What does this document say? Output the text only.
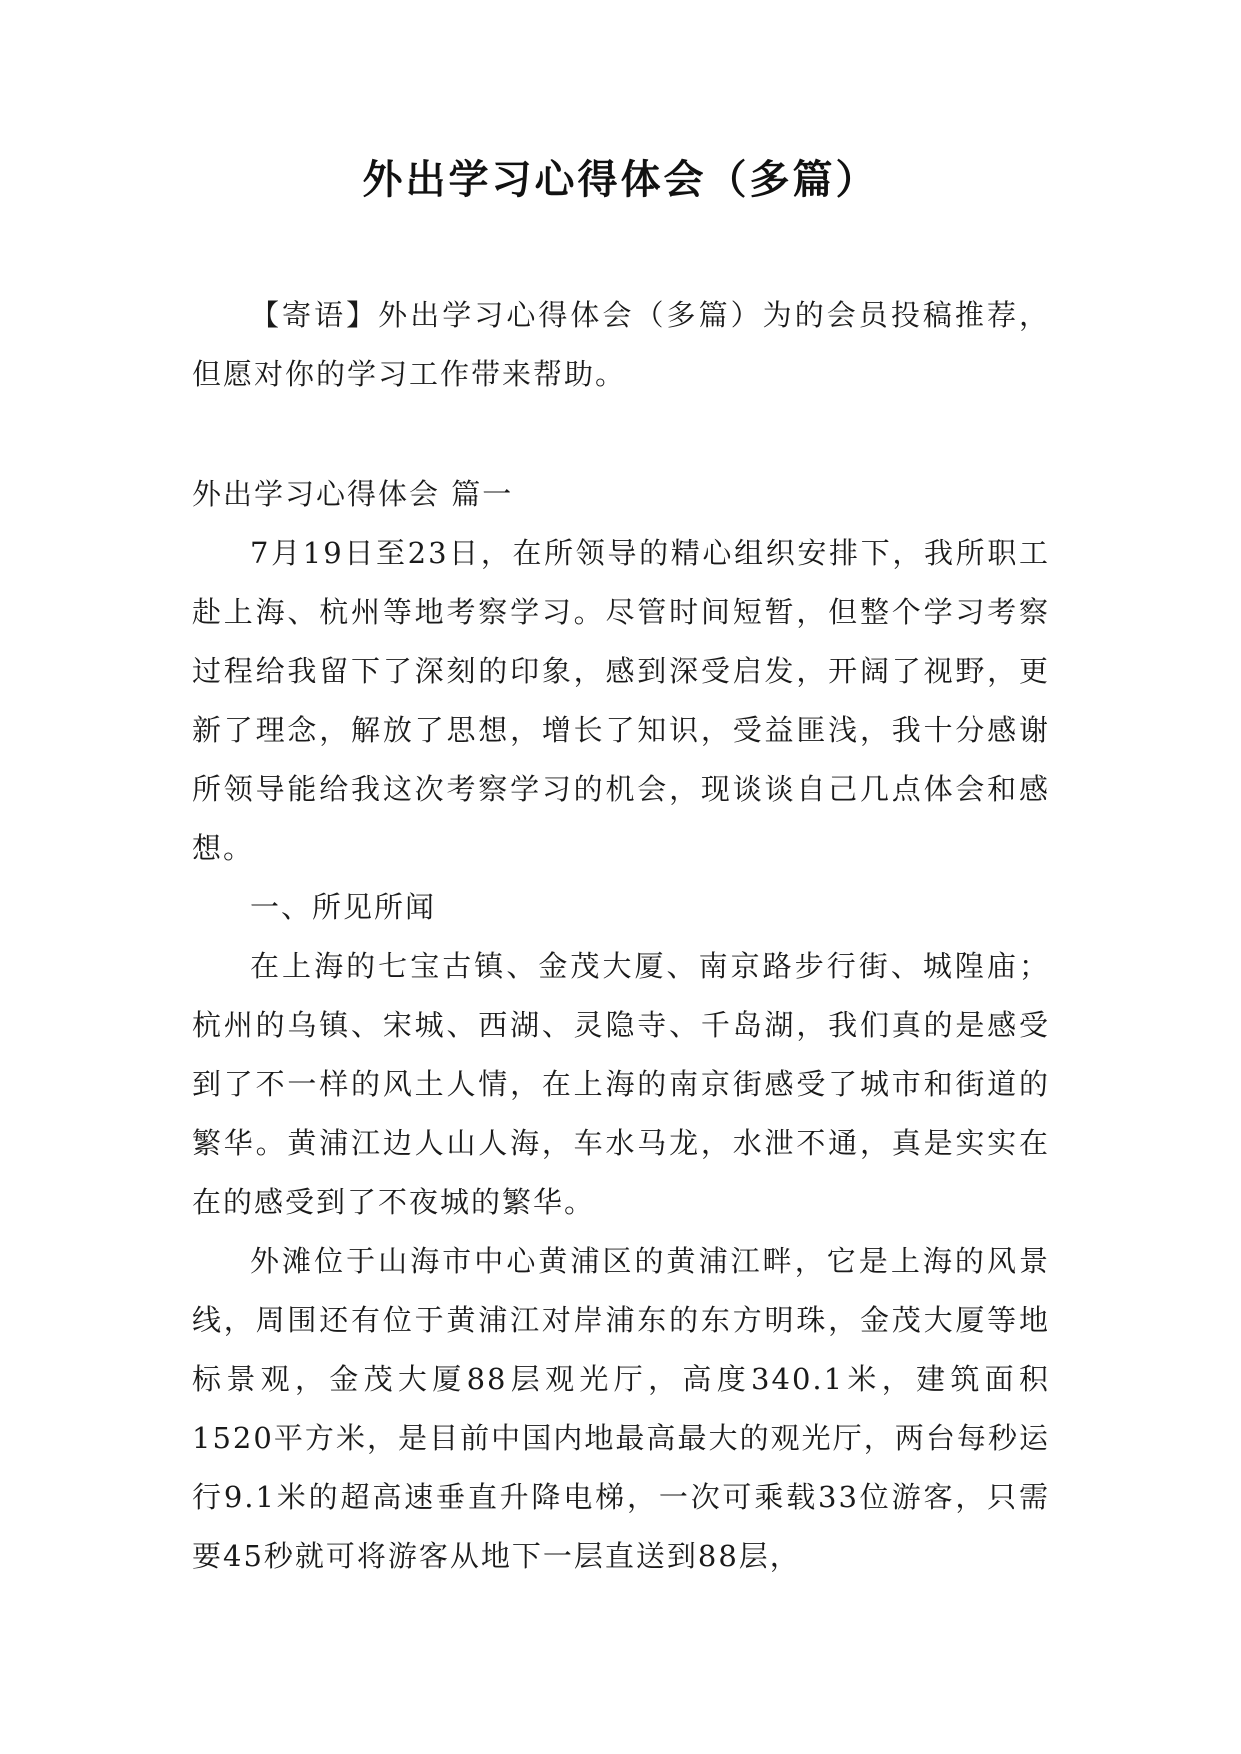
外出学习心得体会（多篇）

【寄语】外出学习心得体会（多篇）为的会员投稿推荐，但愿对你的学习工作带来帮助。

外出学习心得体会 篇一

7月19日至23日，在所领导的精心组织安排下，我所职工赴上海、杭州等地考察学习。尽管时间短暂，但整个学习考察过程给我留下了深刻的印象，感到深受启发，开阔了视野，更新了理念，解放了思想，增长了知识，受益匪浅，我十分感谢所领导能给我这次考察学习的机会，现谈谈自己几点体会和感想。

一、所见所闻

在上海的七宝古镇、金茂大厦、南京路步行街、城隍庙；杭州的乌镇、宋城、西湖、灵隐寺、千岛湖，我们真的是感受到了不一样的风土人情，在上海的南京街感受了城市和街道的繁华。黄浦江边人山人海，车水马龙，水泄不通，真是实实在在的感受到了不夜城的繁华。

外滩位于山海市中心黄浦区的黄浦江畔，它是上海的风景线，周围还有位于黄浦江对岸浦东的东方明珠，金茂大厦等地标景观，金茂大厦88层观光厅，高度340.1米，建筑面积1520平方米，是目前中国内地最高最大的观光厅，两台每秒运行9.1米的超高速垂直升降电梯，一次可乘载33位游客，只需要45秒就可将游客从地下一层直送到88层，
